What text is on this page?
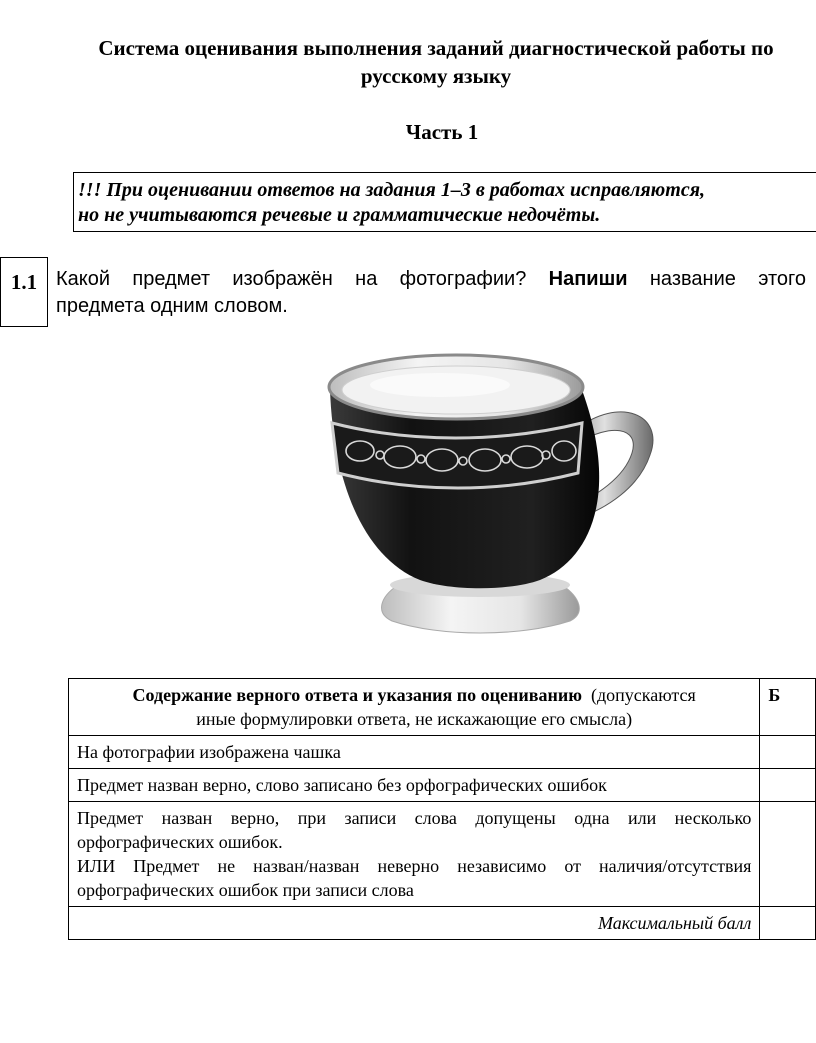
Система оценивания выполнения заданий диагностической работы по
русскому языку
Часть 1
!!! При оценивании ответов на задания 1–3 в работах исправляются,
но не учитываются речевые и грамматические недочёты.
1.1 Какой предмет изображён на фотографии? Напиши название этого
предмета одним словом.
Содержание верного ответа и указания по оцениванию (допускаются
иные формулировки ответа, не искажающие его смысла)	Б
На фотографии изображена чашка	
Предмет назван верно, слово записано без орфографических ошибок	

Предмет назван верно, при записи слова допущены одна или несколько
орфографических ошибок.
ИЛИ Предмет не назван/назван неверно независимо от наличия/отсутствия
орфографических ошибок при записи слова	
Максимальный балл	
